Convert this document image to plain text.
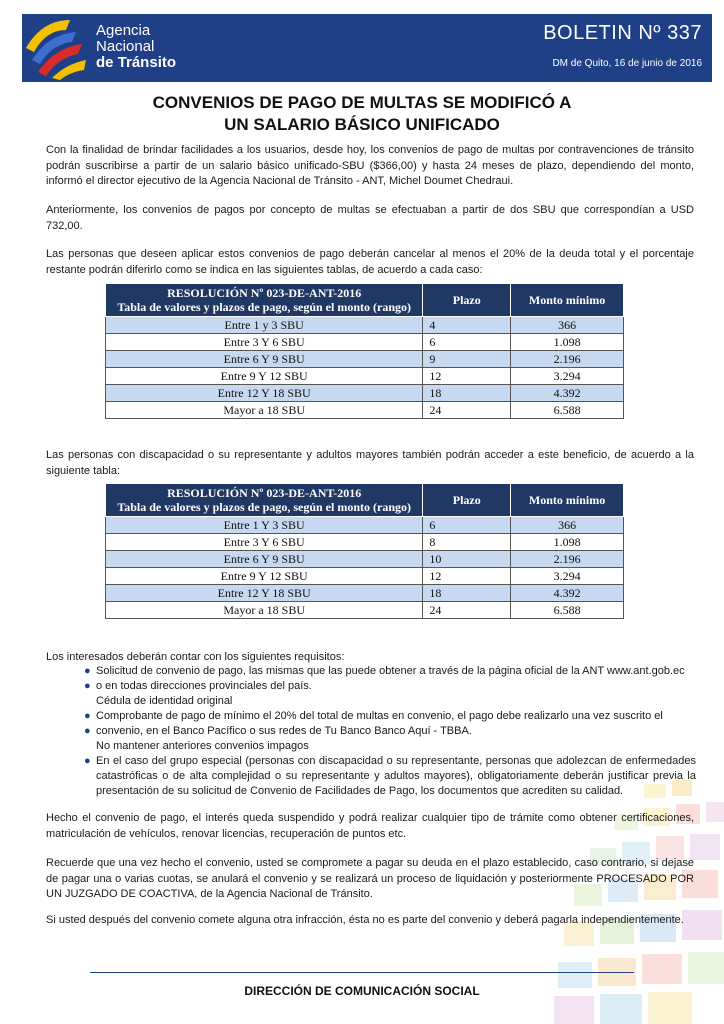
Agencia
Nacional
de Tránsito
BOLETIN Nº 337
DM de Quito, 16 de junio de 2016
CONVENIOS DE PAGO DE MULTAS SE MODIFICÓ A
UN SALARIO BÁSICO UNIFICADO
Con la finalidad de brindar facilidades a los usuarios, desde hoy, los convenios de pago de multas por contravenciones de tránsito podrán suscribirse a partir de un salario básico unificado-SBU ($366,00) y hasta 24 meses de plazo, dependiendo del monto, informó el director ejecutivo de la Agencia Nacional de Tránsito - ANT, Michel Doumet Chedraui.
Anteriormente, los convenios de pagos por concepto de multas se efectuaban a partir de dos SBU que correspondían a USD 732,00.
Las personas que deseen aplicar estos convenios de pago deberán cancelar al menos el 20% de la deuda total y el porcentaje restante podrán diferirlo como se indica en las siguientes tablas, de acuerdo a cada caso:
RESOLUCIÓN Nº 023-DE-ANT-2016
Tabla de valores y plazos de pago, según el monto (rango)	Plazo	Monto mínimo
Entre 1 y 3 SBU	4	366
Entre 3 Y 6 SBU	6	1.098
Entre 6 Y 9 SBU	9	2.196
Entre 9 Y 12 SBU	12	3.294
Entre 12 Y 18 SBU	18	4.392
Mayor a 18 SBU	24	6.588
Las personas con discapacidad o su representante y adultos mayores también podrán acceder a este beneficio, de acuerdo a la siguiente tabla:
RESOLUCIÓN Nº 023-DE-ANT-2016
Tabla de valores y plazos de pago, según el monto (rango)	Plazo	Monto mínimo
Entre 1 Y 3 SBU	6	366
Entre 3 Y 6 SBU	8	1.098
Entre 6 Y 9 SBU	10	2.196
Entre 9 Y 12 SBU	12	3.294
Entre 12 Y 18 SBU	18	4.392
Mayor a 18 SBU	24	6.588
Los interesados deberán contar con los siguientes requisitos:
● Solicitud de convenio de pago, las mismas que las puede obtener a través de la página oficial de la ANT www.ant.gob.ec
● o en todas direcciones provinciales del país.
Cédula de identidad original
● Comprobante de pago de mínimo el 20% del total de multas en convenio, el pago debe realizarlo una vez suscrito el
● convenio, en el Banco Pacífico o sus redes de Tu Banco Banco Aquí - TBBA.
No mantener anteriores convenios impagos
● En el caso del grupo especial (personas con discapacidad o su representante, personas que adolezcan de enfermedades catastróficas o de alta complejidad o su representante y adultos mayores), obligatoriamente deberán justificar previa la presentación de su solicitud de Convenio de Facilidades de Pago, los documentos que acrediten su calidad.
Hecho el convenio de pago, el interés queda suspendido y podrá realizar cualquier tipo de trámite como obtener certificaciones, matriculación de vehículos, renovar licencias, recuperación de puntos etc.
Recuerde que una vez hecho el convenio, usted se compromete a pagar su deuda en el plazo establecido, caso contrario, si dejase de pagar una o varias cuotas, se anulará el convenio y se realizará un proceso de liquidación y posteriormente PROCESADO POR UN JUZGADO DE COACTIVA, de la Agencia Nacional de Tránsito.
Si usted después del convenio comete alguna otra infracción, ésta no es parte del convenio y deberá pagarla independientemente.
DIRECCIÓN DE COMUNICACIÓN SOCIAL
